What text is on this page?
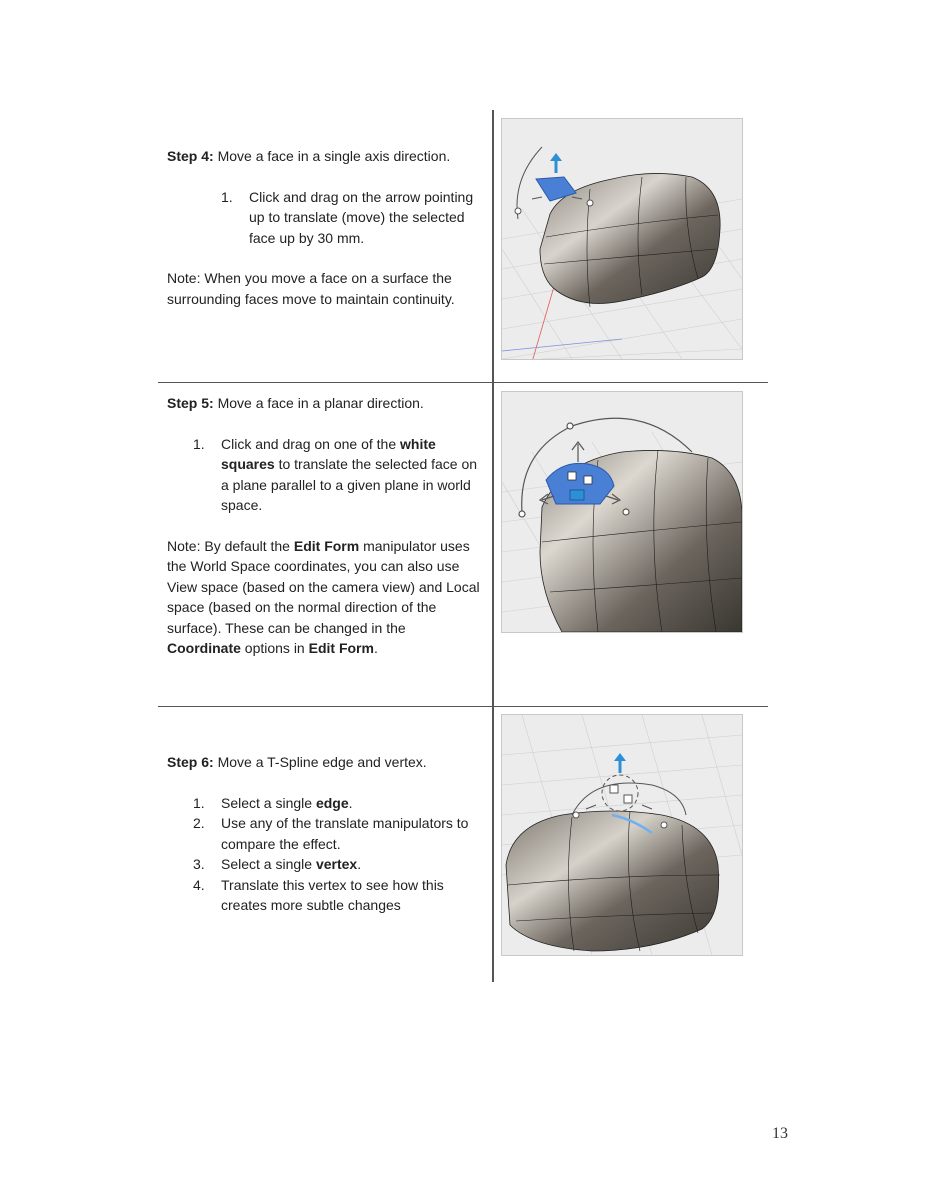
Step 4: Move a face in a single axis direction.

1.	Click and drag on the arrow pointing up to translate (move) the selected face up by 30 mm.

Note: When you move a face on a surface the surrounding faces move to maintain continuity.

Step 5: Move a face in a planar direction.

1.	Click and drag on one of the white squares to translate the selected face on a plane parallel to a given plane in world space.

Note: By default the Edit Form manipulator uses the World Space coordinates, you can also use View space (based on the camera view) and Local space (based on the normal direction of the surface). These can be changed in the Coordinate options in Edit Form.

Step 6: Move a T-Spline edge and vertex.

1.	Select a single edge.
2.	Use any of the translate manipulators to compare the effect.
3.	Select a single vertex.
4.	Translate this vertex to see how this creates more subtle changes
13
